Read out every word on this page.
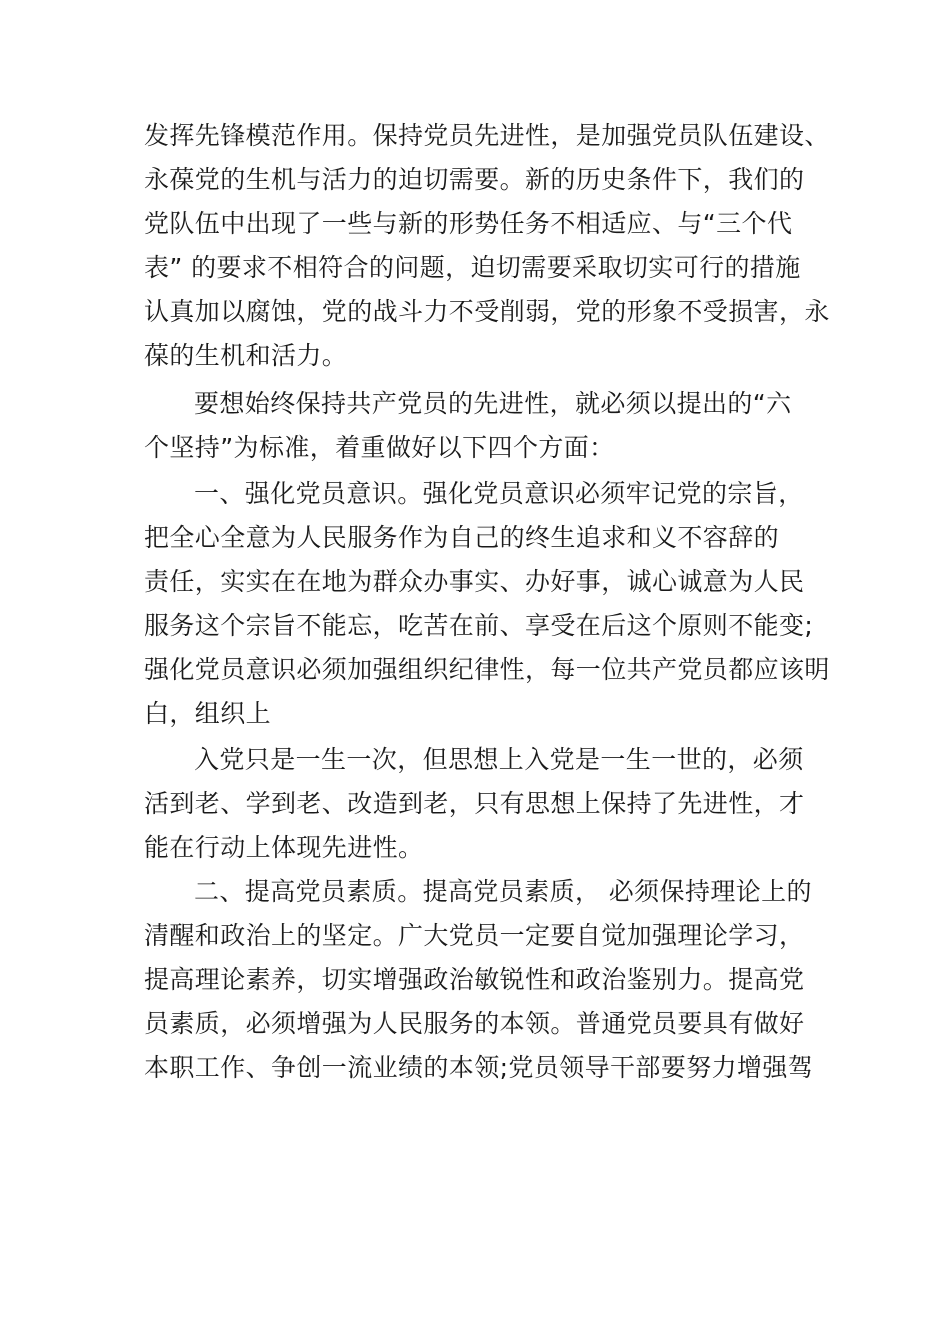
发挥先锋模范作用。保持党员先进性，是加强党员队伍建设、
永葆党的生机与活力的迫切需要。新的历史条件下，我们的
党队伍中出现了一些与新的形势任务不相适应、与“三个代
表” 的要求不相符合的问题，迫切需要采取切实可行的措施
认真加以腐蚀，党的战斗力不受削弱，党的形象不受损害，永
葆的生机和活力。
要想始终保持共产党员的先进性，就必须以提出的“六
个坚持”为标准，着重做好以下四个方面：
一、强化党员意识。强化党员意识必须牢记党的宗旨，
把全心全意为人民服务作为自己的终生追求和义不容辞的
责任，实实在在地为群众办事实、办好事，诚心诚意为人民
服务这个宗旨不能忘，吃苦在前、享受在后这个原则不能变;
强化党员意识必须加强组织纪律性，每一位共产党员都应该明
白，组织上
入党只是一生一次，但思想上入党是一生一世的，必须
活到老、学到老、改造到老，只有思想上保持了先进性，才
能在行动上体现先进性。
二、提高党员素质。提高党员素质， 必须保持理论上的
清醒和政治上的坚定。广大党员一定要自觉加强理论学习，
提高理论素养，切实增强政治敏锐性和政治鉴别力。提高党
员素质，必须增强为人民服务的本领。普通党员要具有做好
本职工作、争创一流业绩的本领;党员领导干部要努力增强驾
